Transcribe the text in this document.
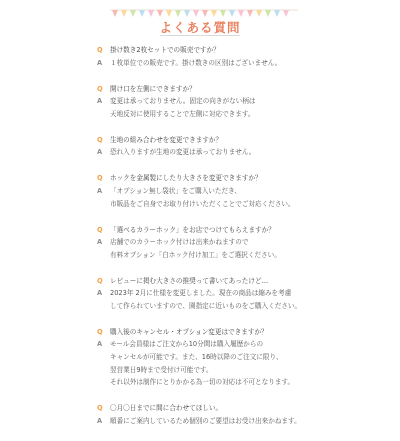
よくある質問
Q	掛け数き2枚セットでの販売ですか？
A	１枚単位での販売です。掛け数きの区別はございません。
Q	開け口を左側にできますか？
A	変更は承っておりません。固定の向きがない柄は
天地反対に使用することで左側に対応できます。
Q	生地の組み合わせを変更できますか？
A	恐れ入りますが生地の変更は承っておりません。
Q	ホックを金属製にしたり大きさを変更できますか？
A	「オプション無し袋状」をご購入いただき、
市販品をご自身でお取り付けいただくことでご対応ください。
Q	「選べるカラーホック」をお店でつけてもらえますか？
A	店舗でのカラーホック付けは出来かねますので
有料オプション「白ホック付け加工」をご選択ください。
Q	レビューに掲む大きさの推奨って書いてあったけど…
A	2023年 2月に仕様を変更しました。現在の商品は縮みを考慮
して作られていますので、園指定に近いものをご購入ください。
Q	購入後のキャンセル・オプション変更はできますか？
A	モール会員様はご注文から10分間は購入履歴からの
キャンセルが可能です。また、16時以降のご注文に限り、
翌営業日9時まで受付け可能です。
それ以外は制作にとりかかる為一切の対応は不可となります。
Q	〇月〇日までに間に合わせてほしい。
A	順番にご案内しているため個別のご要望はお受け出来かねます。
